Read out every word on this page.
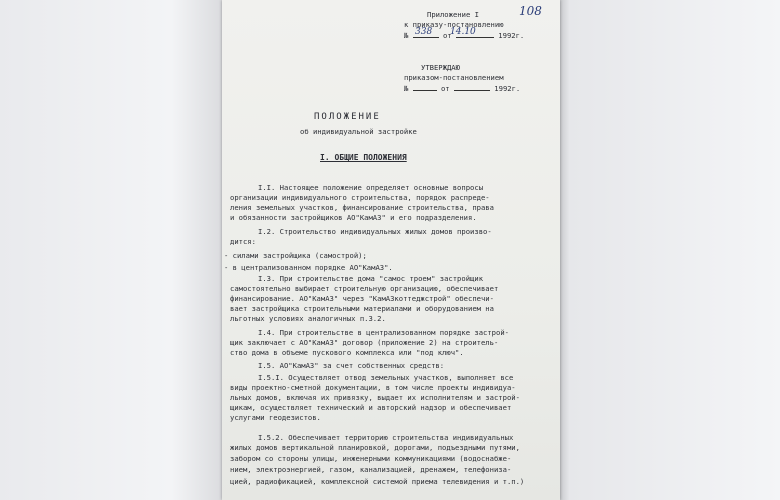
108
Приложение I
к приказу-постановлению
№	от	1992г.
338 14.10
УТВЕРЖДАЮ
приказом-постановлением
№	от	1992г.
ПОЛОЖЕНИЕ
об индивидуальной застройке
I. ОБЩИЕ ПОЛОЖЕНИЯ
I.I. Настоящее положение определяет основные вопросы
организации индивидуального строительства, порядок распреде-
ления земельных участков, финансирование строительства, права
и обязанности застройщиков АО"КамАЗ" и его подразделения.
I.2. Строительство индивидуальных жилых домов произво-
дится:
- силами застройщика (самострой);
- в централизованном порядке АО"КамАЗ".
I.3. При строительстве дома "самос троем" застройщик
самостоятельно выбирает строительную организацию, обеспечивает
финансирование. АО"КамАЗ" через "КамАЗкоттеджстрой" обеспечи-
вает застройщика строительными материалами и оборудованием на
льготных условиях аналогичных п.3.2.
I.4. При строительстве в централизованном порядке застрой-
щик заключает с АО"КамАЗ" договор (приложение 2) на строитель-
ство дома в объеме пускового комплекса или "под ключ".
I.5. АО"КамАЗ" за счет собственных средств:
I.5.I. Осуществляет отвод земельных участков, выполняет все
виды проектно-сметной документации, в том числе проекты индивидуа-
льных домов, включая их привязку, выдает их исполнителям и застрой-
щикам, осуществляет технический и авторский надзор и обеспечивает
услугами геодезистов.
I.5.2. Обеспечивает территорию строительства индивидуальных
жилых домов вертикальной планировкой, дорогами, подъездными путями,
забором со стороны улицы, инженерными коммуникациями (водоснабже-
нием, электроэнергией, газом, канализацией, дренажем, телефониза-
цией, радиофикацией, комплексной системой приема телевидения и т.п.)
